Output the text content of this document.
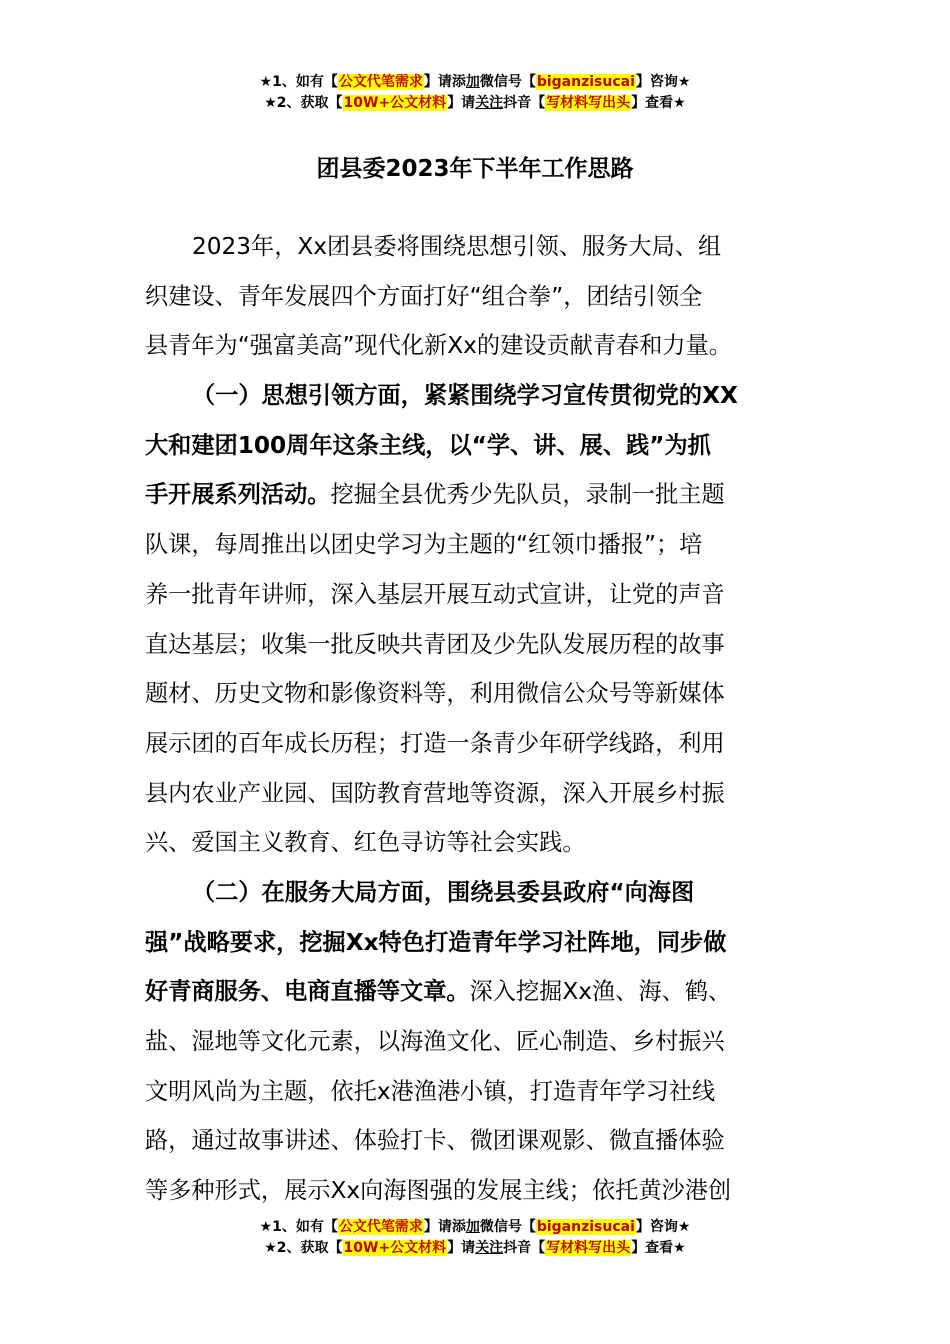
★1、如有【公文代笔需求】请添加微信号【biganzisucai】咨询★
★2、获取【10W+公文材料】请关注抖音【写材料写出头】查看★
团县委2023年下半年工作思路
2023年，Xx团县委将围绕思想引领、服务大局、组
织建设、青年发展四个方面打好“组合拳”，团结引领全
县青年为“强富美高”现代化新Xx的建设贡献青春和力量。
（一）思想引领方面，紧紧围绕学习宣传贯彻党的XX
大和建团100周年这条主线，以“学、讲、展、践”为抓
手开展系列活动。挖掘全县优秀少先队员，录制一批主题
队课，每周推出以团史学习为主题的“红领巾播报”；培
养一批青年讲师，深入基层开展互动式宣讲，让党的声音
直达基层；收集一批反映共青团及少先队发展历程的故事
题材、历史文物和影像资料等，利用微信公众号等新媒体
展示团的百年成长历程；打造一条青少年研学线路，利用
县内农业产业园、国防教育营地等资源，深入开展乡村振
兴、爱国主义教育、红色寻访等社会实践。
（二）在服务大局方面，围绕县委县政府“向海图
强”战略要求，挖掘Xx特色打造青年学习社阵地，同步做
好青商服务、电商直播等文章。深入挖掘Xx渔、海、鹤、
盐、湿地等文化元素，以海渔文化、匠心制造、乡村振兴
文明风尚为主题，依托x港渔港小镇，打造青年学习社线
路，通过故事讲述、体验打卡、微团课观影、微直播体验
等多种形式，展示Xx向海图强的发展主线；依托黄沙港创
★1、如有【公文代笔需求】请添加微信号【biganzisucai】咨询★
★2、获取【10W+公文材料】请关注抖音【写材料写出头】查看★
